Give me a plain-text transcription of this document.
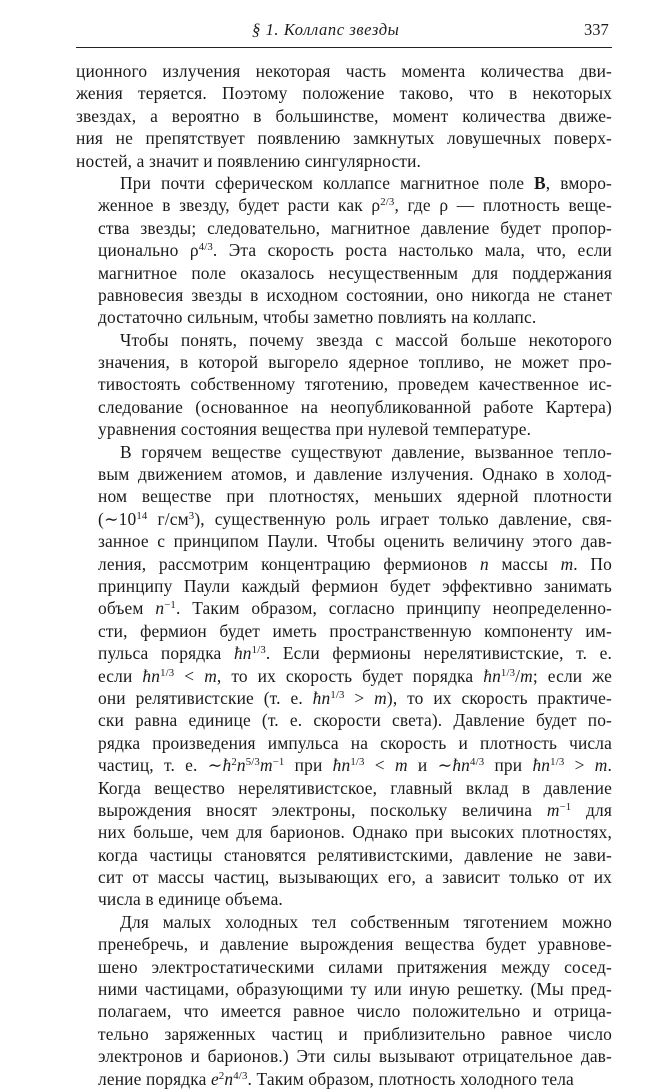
§ 1. Коллапс звезды	337
ционного излучения некоторая часть момента количества дви-
жения теряется. Поэтому положение таково, что в некоторых
звездах, а вероятно в большинстве, момент количества движе-
ния не препятствует появлению замкнутых ловушечных поверх-
ностей, а значит и появлению сингулярности.
При почти сферическом коллапсе магнитное поле B, вморо-
женное в звезду, будет расти как $\rho^{2/3}$, где ρ — плотность веще-
ства звезды; следовательно, магнитное давление будет пропор-
ционально $\rho^{4/3}$. Эта скорость роста настолько мала, что, если
магнитное поле оказалось несущественным для поддержания
равновесия звезды в исходном состоянии, оно никогда не станет
достаточно сильным, чтобы заметно повлиять на коллапс.
Чтобы понять, почему звезда с массой больше некоторого
значения, в которой выгорело ядерное топливо, не может про-
тивостоять собственному тяготению, проведем качественное ис-
следование (основанное на неопубликованной работе Картера)
уравнения состояния вещества при нулевой температуре.
В горячем веществе существуют давление, вызванное тепло-
вым движением атомов, и давление излучения. Однако в холод-
ном веществе при плотностях, меньших ядерной плотности
($\sim 10^{14}$ $г/см^3$), существенную роль играет только давление, свя-
занное с принципом Паули. Чтобы оценить величину этого дав-
ления, рассмотрим концентрацию фермионов n массы m. По
принципу Паули каждый фермион будет эффективно занимать
объем $n^{-1}$. Таким образом, согласно принципу неопределенно-
сти, фермион будет иметь пространственную компоненту им-
пульса порядка $ħn^{1/3}$. Если фермионы нерелятивистские, т. е.
если $ħn^{1/3} < m$, то их скорость будет порядка $ħn^{1/3}/m$; если же
они релятивистские (т. е. $ħn^{1/3} > m$), то их скорость практиче-
ски равна единице (т. е. скорости света). Давление будет по-
рядка произведения импульса на скорость и плотность числа
частиц, т. е. $\sim ħ^2n^{5/3}m^{-1}$ при $ħn^{1/3} < m$ и $\sim ħn^{4/3}$ при $ħn^{1/3} > m$.
Когда вещество нерелятивистское, главный вклад в давление
вырождения вносят электроны, поскольку величина $m^{-1}$ для
них больше, чем для барионов. Однако при высоких плотностях,
когда частицы становятся релятивистскими, давление не зави-
сит от массы частиц, вызывающих его, а зависит только от их
числа в единице объема.
Для малых холодных тел собственным тяготением можно
пренебречь, и давление вырождения вещества будет уравнове-
шено электростатическими силами притяжения между сосед-
ними частицами, образующими ту или иную решетку. (Мы пред-
полагаем, что имеется равное число положительно и отрица-
тельно заряженных частиц и приблизительно равное число
электронов и барионов.) Эти силы вызывают отрицательное дав-
ление порядка $e^2n^{4/3}$. Таким образом, плотность холодного тела
